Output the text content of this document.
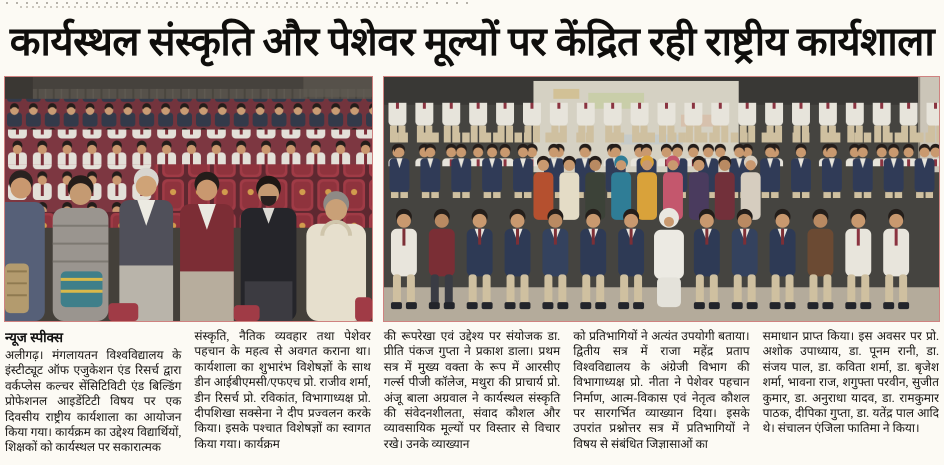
कार्यस्थल संस्कृति और पेशेवर मूल्यों पर केंद्रित रही राष्ट्रीय कार्यशाला
न्यूज स्पीक्स

अलीगढ़। मंगलायतन विश्वविद्यालय के इंस्टीट्यूट ऑफ एजुकेशन एंड रिसर्च द्वारा वर्कप्लेस कल्चर सेंसिटिविटी एंड बिल्डिंग प्रोफेशनल आइडेंटिटी विषय पर एक दिवसीय राष्ट्रीय कार्यशाला का आयोजन किया गया। कार्यक्रम का उद्देश्य विद्यार्थियों, शिक्षकों को कार्यस्थल पर सकारात्मक

संस्कृति, नैतिक व्यवहार तथा पेशेवर पहचान के महत्व से अवगत कराना था। कार्यशाला का शुभारंभ विशेषज्ञों के साथ डीन आईबीएमसी/एफएच प्रो. राजीव शर्मा, डीन रिसर्च प्रो. रविकांत, विभागाध्यक्ष प्रो. दीपशिखा सक्सेना ने दीप प्रज्वलन करके किया। इसके पश्चात विशेषज्ञों का स्वागत किया गया। कार्यक्रम

की रूपरेखा एवं उद्देश्य पर संयोजक डा. प्रीति पंकज गुप्ता ने प्रकाश डाला। प्रथम सत्र में मुख्य वक्ता के रूप में आरसीए गर्ल्स पीजी कॉलेज, मथुरा की प्राचार्य प्रो. अंजू बाला अग्रवाल ने कार्यस्थल संस्कृति की संवेदनशीलता, संवाद कौशल और व्यावसायिक मूल्यों पर विस्तार से विचार रखे। उनके व्याख्यान

को प्रतिभागियों ने अत्यंत उपयोगी बताया। द्वितीय सत्र में राजा महेंद्र प्रताप विश्वविद्यालय के अंग्रेजी विभाग की विभागाध्यक्ष प्रो. नीता ने पेशेवर पहचान निर्माण, आत्म-विकास एवं नेतृत्व कौशल पर सारगर्भित व्याख्यान दिया। इसके उपरांत प्रश्नोत्तर सत्र में प्रतिभागियों ने विषय से संबंधित जिज्ञासाओं का

समाधान प्राप्त किया। इस अवसर पर प्रो. अशोक उपाध्याय, डा. पूनम रानी, डा. संजय पाल, डा. कविता शर्मा, डा. बृजेश शर्मा, भावना राज, शगुफ्ता परवीन, सुजीत कुमार, डा. अनुराधा यादव, डा. रामकुमार पाठक, दीपिका गुप्ता, डा. यतेंद्र पाल आदि थे। संचालन एंजिला फातिमा ने किया।
